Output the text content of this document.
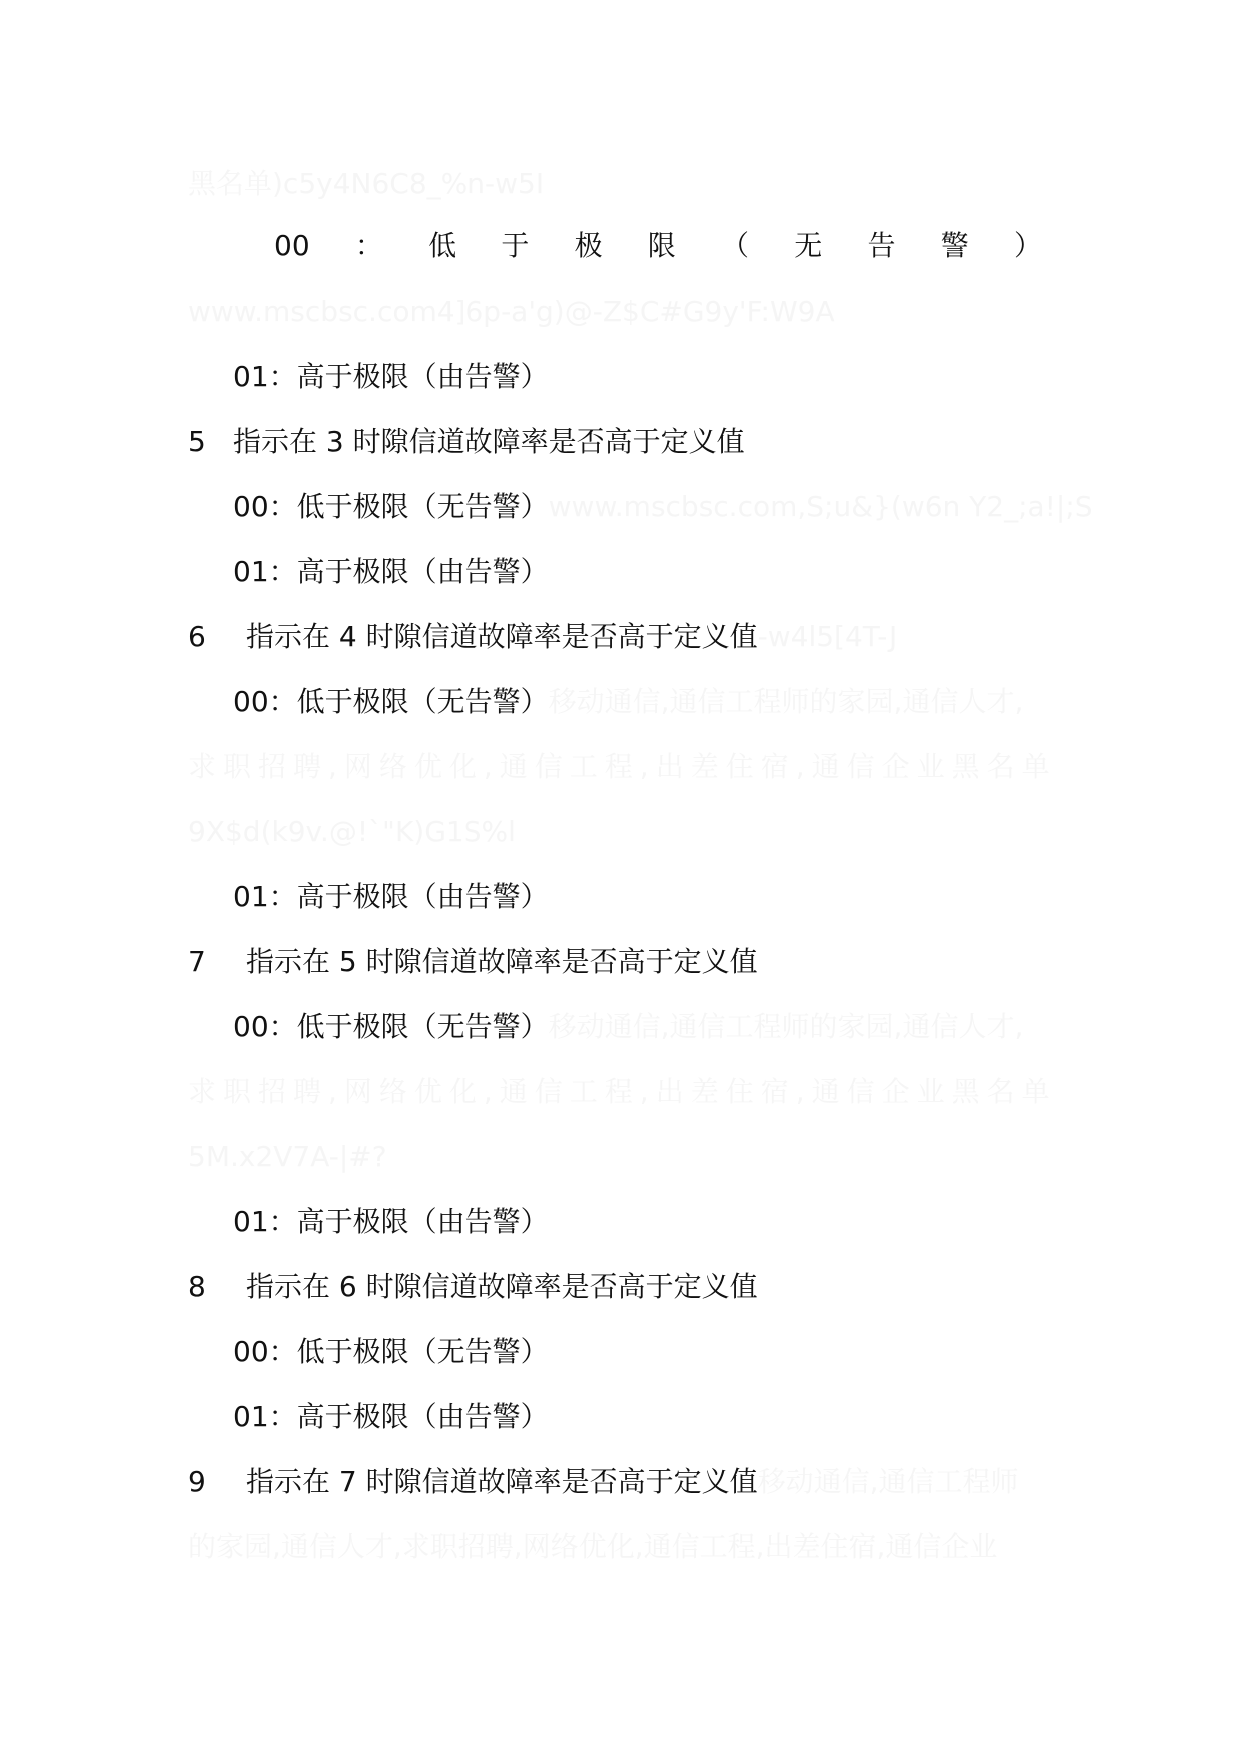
黑名单)c5y4N6C8_%n-w5I
00 ： 低 于 极 限 （ 无 告 警 ）
www.mscbsc.com4]6p-a'g)@-Z$C#G9y'F:W9A
01：高于极限（由告警）
5 指示在 3 时隙信道故障率是否高于定义值
00：低于极限（无告警）www.mscbsc.com,S;u&}(w6n Y2_;a!|;S
01：高于极限（由告警）
6 指示在 4 时隙信道故障率是否高于定义值-w4l5[4T-J
00：低于极限（无告警）移动通信,通信工程师的家园,通信人才,
求职招聘,网络优化,通信工程,出差住宿,通信企业黑名单
9X$d(k9v.@!`"K)G1S%l
01：高于极限（由告警）
7 指示在 5 时隙信道故障率是否高于定义值
00：低于极限（无告警）移动通信,通信工程师的家园,通信人才,
求职招聘,网络优化,通信工程,出差住宿,通信企业黑名单
5M.x2V7A-|#?
01：高于极限（由告警）
8 指示在 6 时隙信道故障率是否高于定义值
00：低于极限（无告警）
01：高于极限（由告警）
9 指示在 7 时隙信道故障率是否高于定义值移动通信,通信工程师
的家园,通信人才,求职招聘,网络优化,通信工程,出差住宿,通信企业
